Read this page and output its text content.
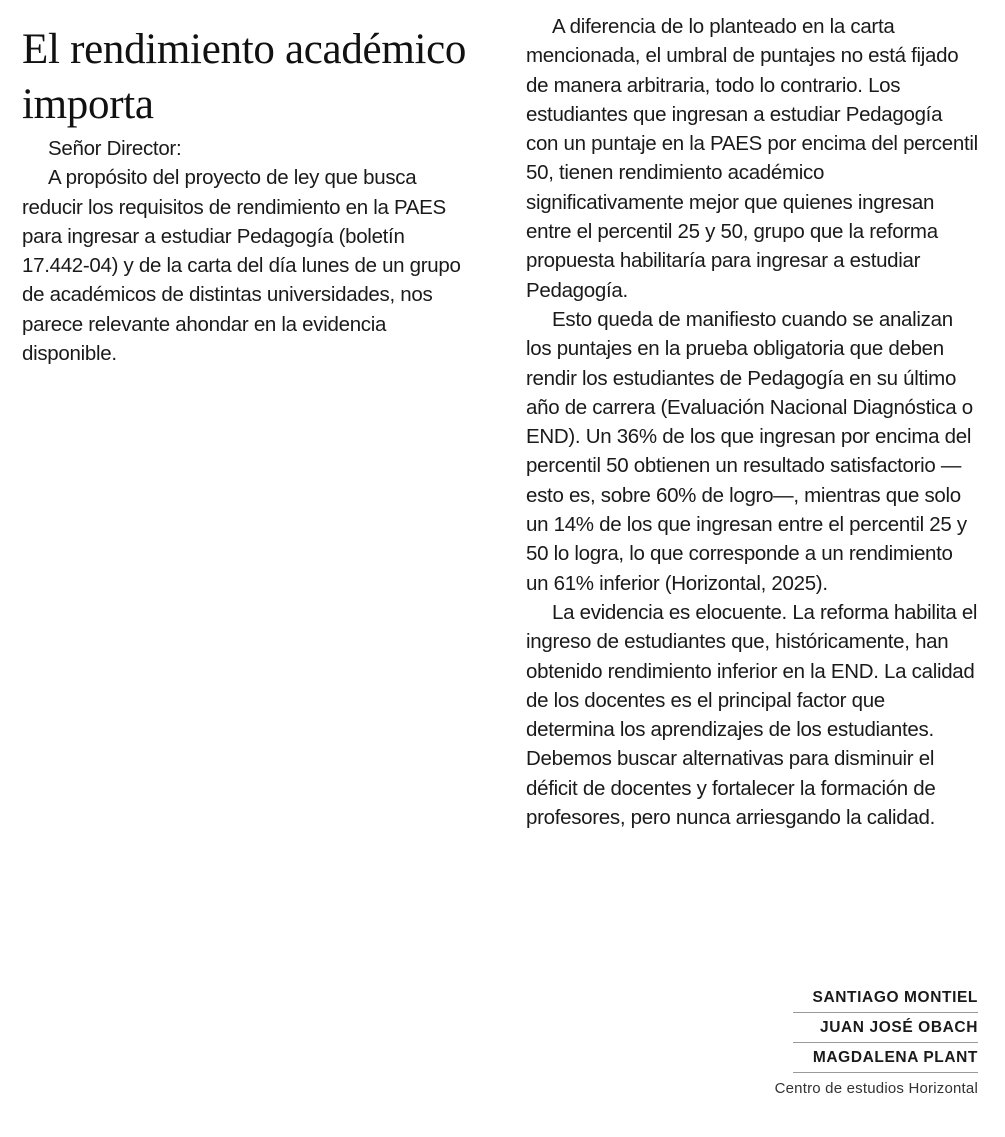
El rendimiento académico importa

Señor Director:

A propósito del proyecto de ley que busca reducir los requisitos de rendimiento en la PAES para ingresar a estudiar Pedagogía (boletín 17.442-04) y de la carta del día lunes de un grupo de académicos de distintas universidades, nos parece relevante ahondar en la evidencia disponible.

A diferencia de lo planteado en la carta mencionada, el umbral de puntajes no está fijado de manera arbitraria, todo lo contrario. Los estudiantes que ingresan a estudiar Pedagogía con un puntaje en la PAES por encima del percentil 50, tienen rendimiento académico significativamente mejor que quienes ingresan entre el percentil 25 y 50, grupo que la reforma propuesta habilitaría para ingresar a estudiar Pedagogía.

Esto queda de manifiesto cuando se analizan los puntajes en la prueba obligatoria que deben rendir los estudiantes de Pedagogía en su último año de carrera (Evaluación Nacional Diagnóstica o END). Un 36% de los que ingresan por encima del percentil 50 obtienen un resultado satisfactorio —esto es, sobre 60% de logro—, mientras que solo un 14% de los que ingresan entre el percentil 25 y 50 lo logra, lo que corresponde a un rendimiento un 61% inferior (Horizontal, 2025).

La evidencia es elocuente. La reforma habilita el ingreso de estudiantes que, históricamente, han obtenido rendimiento inferior en la END. La calidad de los docentes es el principal factor que determina los aprendizajes de los estudiantes. Debemos buscar alternativas para disminuir el déficit de docentes y fortalecer la formación de profesores, pero nunca arriesgando la calidad.

SANTIAGO MONTIEL
JUAN JOSÉ OBACH
MAGDALENA PLANT
Centro de estudios Horizontal
